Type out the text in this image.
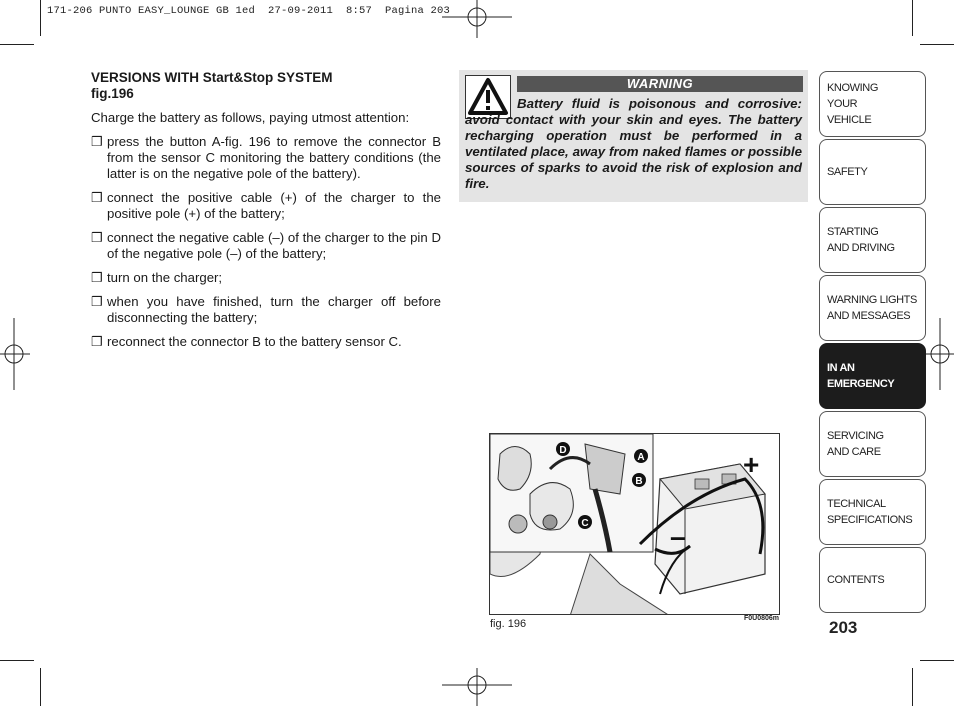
171-206 PUNTO EASY_LOUNGE GB 1ed  27-09-2011  8:57  Pagina 203

VERSIONS WITH Start&Stop SYSTEM

fig.196

Charge the battery as follows, paying utmost attention:

❒ press the button A-fig. 196 to remove the connector B from the sensor C monitoring the battery conditions (the latter is on the negative pole of the battery).
❒ connect the positive cable (+) of the charger to the positive pole (+) of the battery;
❒ connect the negative cable (–) of the charger to the pin D of the negative pole (–) of the battery;
❒ turn on the charger;
❒ when you have finished, turn the charger off before disconnecting the battery;
❒ reconnect the connector B to the battery sensor C.
WARNING
Battery fluid is poisonous and corrosive: avoid contact with your skin and eyes. The battery recharging operation must be performed in a ventilated place, away from naked flames or possible sources of sparks to avoid the risk of explosion and fire.
+
–
D
A
B
C
fig. 196	F0U0806m	203
KNOWING
YOUR
VEHICLE
SAFETY
STARTING
AND DRIVING
WARNING LIGHTS
AND MESSAGES
IN AN
EMERGENCY
SERVICING
AND CARE
TECHNICAL
SPECIFICATIONS
CONTENTS
